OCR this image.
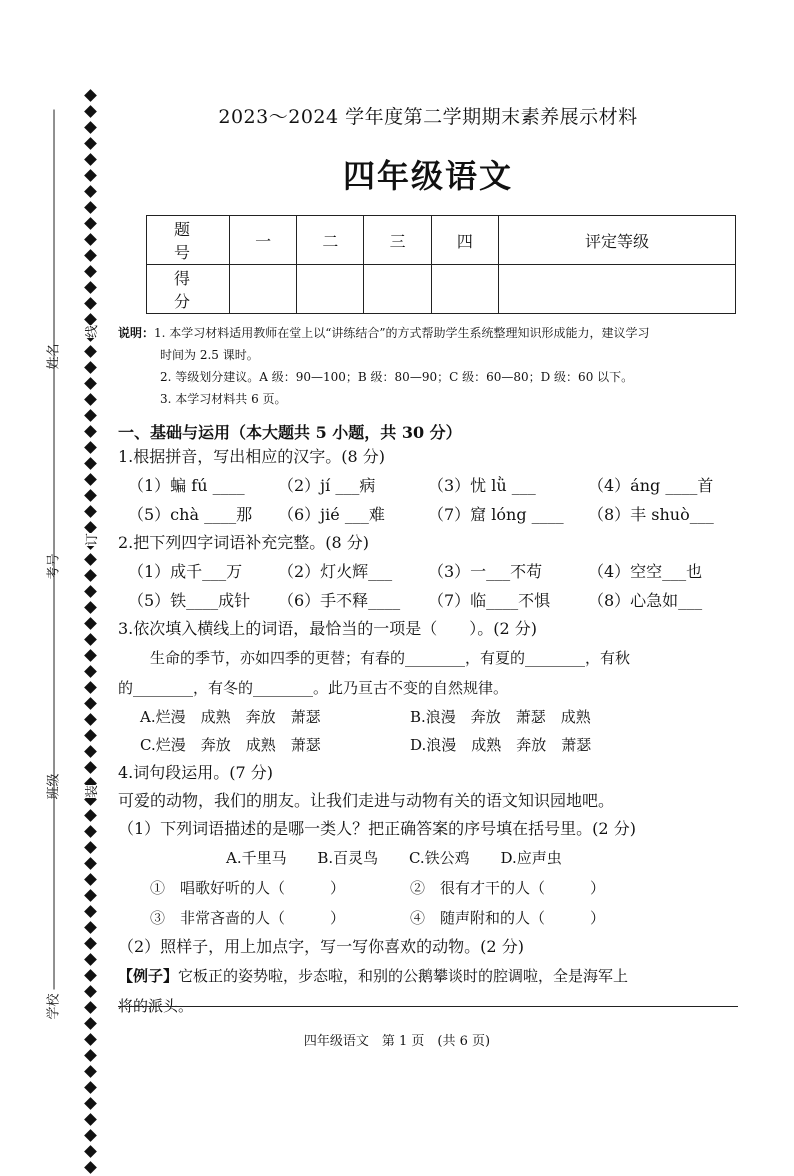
姓名
考号
班级
学校
线
订
装

2023～2024 学年度第二学期期末素养展示材料

四年级语文
题　号	一	二	三	四	评定等级
得　分					
说明： 1. 本学习材料适用教师在堂上以“讲练结合”的方式帮助学生系统整理知识形成能力，建议学习
时间为 2.5 课时。
2. 等级划分建议。A 级：90—100；B 级：80—90；C 级：60—80；D 级：60 以下。
3. 本学习材料共 6 页。
一、基础与运用（本大题共 5 小题，共 30 分）
1.根据拼音，写出相应的汉字。(8 分)
（1）蝙 fú ____	（2）jí ___病	（3）忧 lǜ ___	（4）áng ____首
（5）chà ____那	（6）jié ___难	（7）窟 lóng ____	（8）丰 shuò___
2.把下列四字词语补充完整。(8 分)
（1）成千___万	（2）灯火辉___	（3）一___不苟	（4）空空___也
（5）铁____成针	（6）手不释____	（7）临____不惧	（8）心急如___
3.依次填入横线上的词语，最恰当的一项是（　　）。(2 分)
生命的季节，亦如四季的更替；有春的________，有夏的________，有秋
的________，有冬的________。此乃亘古不变的自然规律。
A.烂漫　成熟　奔放　萧瑟	B.浪漫　奔放　萧瑟　成熟
C.烂漫　奔放　成熟　萧瑟	D.浪漫　成熟　奔放　萧瑟
4.词句段运用。(7 分)
可爱的动物，我们的朋友。让我们走进与动物有关的语文知识园地吧。
（1）下列词语描述的是哪一类人？把正确答案的序号填在括号里。(2 分)
A.千里马 B.百灵鸟 C.铁公鸡 D.应声虫
①　唱歌好听的人（　　　）	②　很有才干的人（　　　）
③　非常吝啬的人（　　　）	④　随声附和的人（　　　）
（2）照样子，用上加点字，写一写你喜欢的动物。(2 分)
【例子】它板正的姿势啦，步态啦，和别的公鹅攀谈时的腔调啦，全是海军上
将的派头。
四年级语文　第 1 页　(共 6 页)
